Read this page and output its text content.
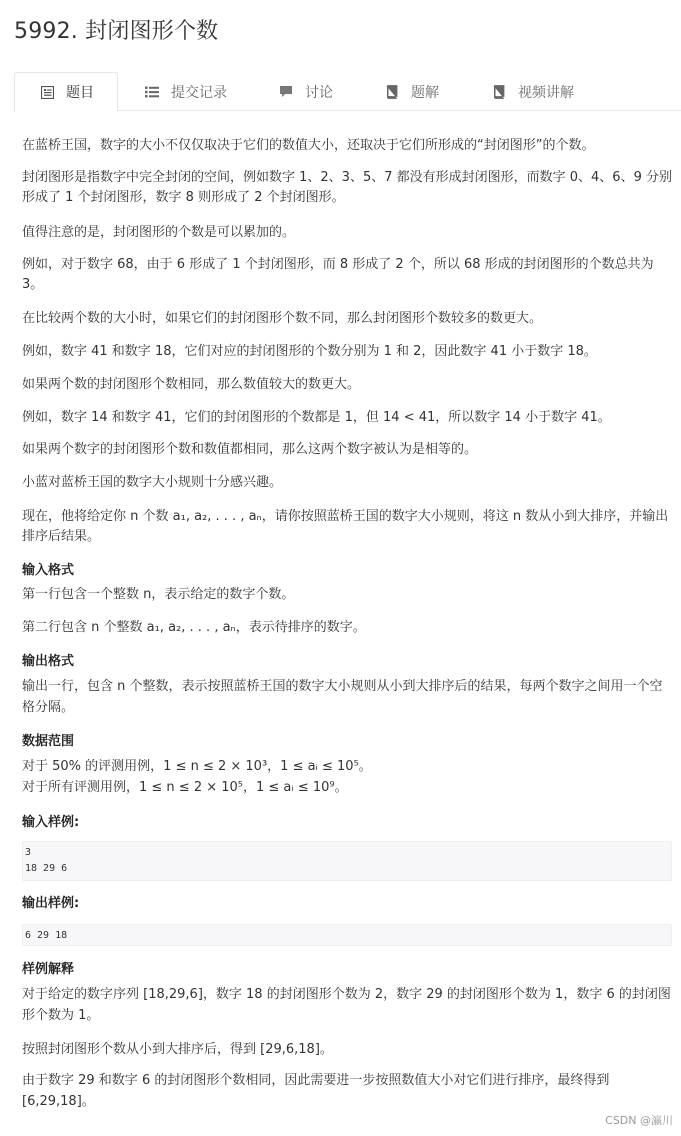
5992. 封闭图形个数
题目	提交记录	讨论	题解	视频讲解

在蓝桥王国，数字的大小不仅仅取决于它们的数值大小，还取决于它们所形成的“封闭图形”的个数。

封闭图形是指数字中完全封闭的空间，例如数字 1、2、3、5、7 都没有形成封闭图形，而数字 0、4、6、9 分别

形成了 1 个封闭图形，数字 8 则形成了 2 个封闭图形。

值得注意的是，封闭图形的个数是可以累加的。

例如，对于数字 68，由于 6 形成了 1 个封闭图形，而 8 形成了 2 个，所以 68 形成的封闭图形的个数总共为

3。

在比较两个数的大小时，如果它们的封闭图形个数不同，那么封闭图形个数较多的数更大。

例如，数字 41 和数字 18，它们对应的封闭图形的个数分别为 1 和 2，因此数字 41 小于数字 18。

如果两个数的封闭图形个数相同，那么数值较大的数更大。

例如，数字 14 和数字 41，它们的封闭图形的个数都是 1，但 14 < 41，所以数字 14 小于数字 41。

如果两个数字的封闭图形个数和数值都相同，那么这两个数字被认为是相等的。

小蓝对蓝桥王国的数字大小规则十分感兴趣。

现在，他将给定你 n 个数 a₁, a₂, . . . , aₙ，请你按照蓝桥王国的数字大小规则，将这 n 数从小到大排序，并输出

排序后结果。

输入格式

第一行包含一个整数 n，表示给定的数字个数。

第二行包含 n 个整数 a₁, a₂, . . . , aₙ，表示待排序的数字。

输出格式

输出一行，包含 n 个整数，表示按照蓝桥王国的数字大小规则从小到大排序后的结果，每两个数字之间用一个空

格分隔。

数据范围

对于 50% 的评测用例，1 ≤ n ≤ 2 × 10³，1 ≤ aᵢ ≤ 10⁵。

对于所有评测用例，1 ≤ n ≤ 2 × 10⁵，1 ≤ aᵢ ≤ 10⁹。

输入样例:

3
18 29 6

输出样例:

6 29 18

样例解释

对于给定的数字序列 [18,29,6]，数字 18 的封闭图形个数为 2，数字 29 的封闭图形个数为 1，数字 6 的封闭图

形个数为 1。

按照封闭图形个数从小到大排序后，得到 [29,6,18]。

由于数字 29 和数字 6 的封闭图形个数相同，因此需要进一步按照数值大小对它们进行排序，最终得到

[6,29,18]。

CSDN @瀛川
